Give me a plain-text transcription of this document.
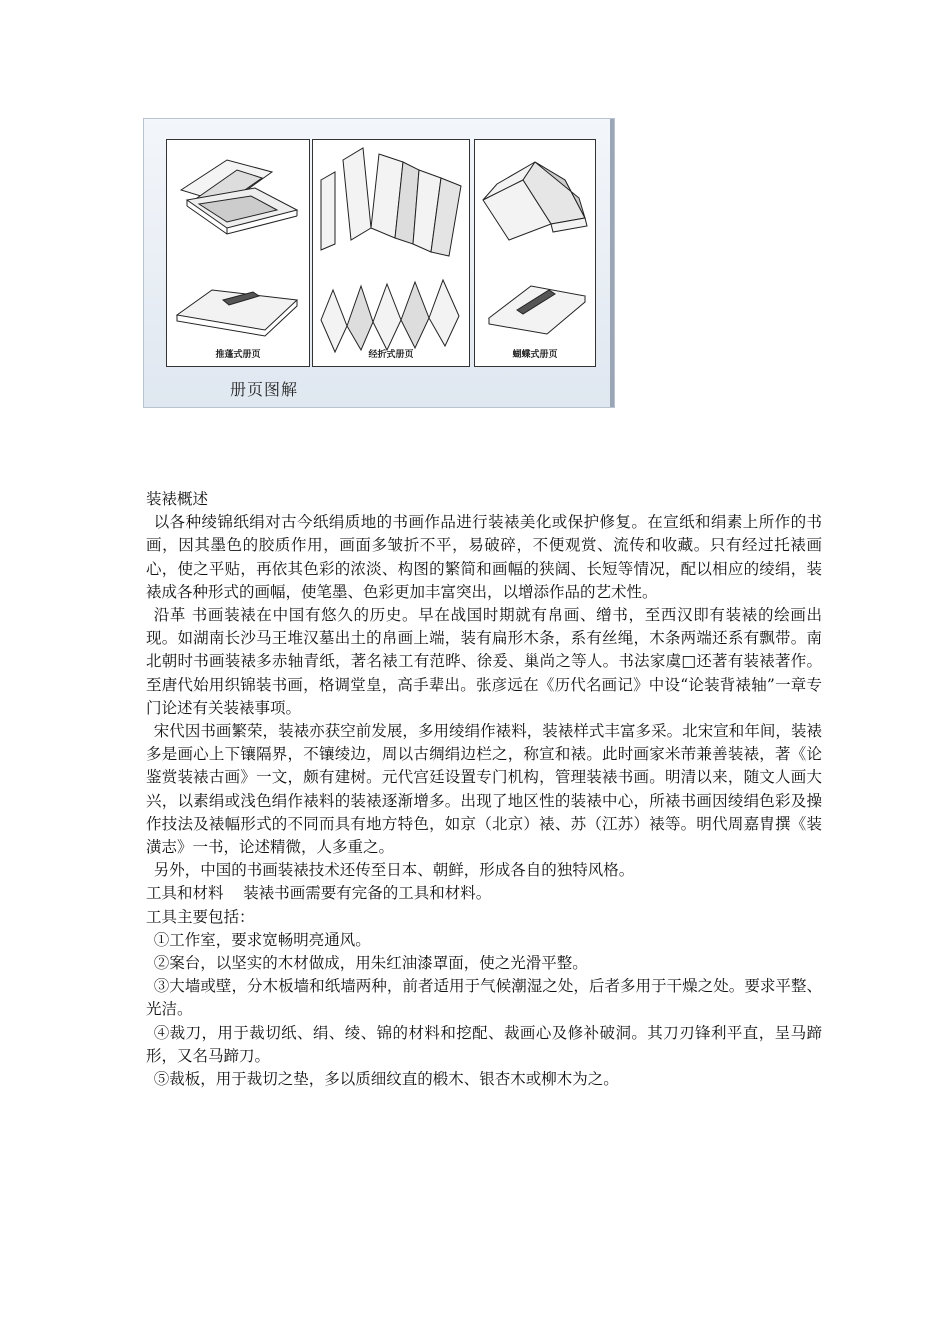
推蓬式册页	经折式册页	蝴蝶式册页
册页图解

装裱概述

以各种绫锦纸绢对古今纸绢质地的书画作品进行装裱美化或保护修复。在宣纸和绢素上所作的书画，因其墨色的胶质作用，画面多皱折不平，易破碎，不便观赏、流传和收藏。只有经过托裱画心，使之平贴，再依其色彩的浓淡、构图的繁简和画幅的狭阔、长短等情况，配以相应的绫绢，装裱成各种形式的画幅，使笔墨、色彩更加丰富突出，以增添作品的艺术性。

沿革 书画装裱在中国有悠久的历史。早在战国时期就有帛画、缯书，至西汉即有装裱的绘画出现。如湖南长沙马王堆汉墓出土的帛画上端，装有扁形木条，系有丝绳，木条两端还系有飘带。南北朝时书画装裱多赤轴青纸，著名裱工有范晔、徐爰、巢尚之等人。书法家虞□还著有装裱著作。至唐代始用织锦装书画，格调堂皇，高手辈出。张彦远在《历代名画记》中设“论装背裱轴”一章专门论述有关装裱事项。

宋代因书画繁荣，装裱亦获空前发展，多用绫绢作裱料，装裱样式丰富多采。北宋宣和年间，装裱多是画心上下镶隔界，不镶绫边，周以古绸绢边栏之，称宣和裱。此时画家米芾兼善装裱，著《论鉴赏装裱古画》一文，颇有建树。元代宫廷设置专门机构，管理装裱书画。明清以来，随文人画大兴，以素绢或浅色绢作裱料的装裱逐渐增多。出现了地区性的装裱中心，所裱书画因绫绢色彩及操作技法及裱幅形式的不同而具有地方特色，如京（北京）裱、苏（江苏）裱等。明代周嘉胄撰《装潢志》一书，论述精微，人多重之。

另外，中国的书画装裱技术还传至日本、朝鲜，形成各自的独特风格。

工具和材料    装裱书画需要有完备的工具和材料。

工具主要包括：

①工作室，要求宽畅明亮通风。

②案台，以坚实的木材做成，用朱红油漆罩面，使之光滑平整。

③大墙或壁，分木板墙和纸墙两种，前者适用于气候潮湿之处，后者多用于干燥之处。要求平整、光洁。

④裁刀，用于裁切纸、绢、绫、锦的材料和挖配、裁画心及修补破洞。其刀刃锋利平直，呈马蹄形，又名马蹄刀。

⑤裁板，用于裁切之垫，多以质细纹直的椴木、银杏木或柳木为之。
